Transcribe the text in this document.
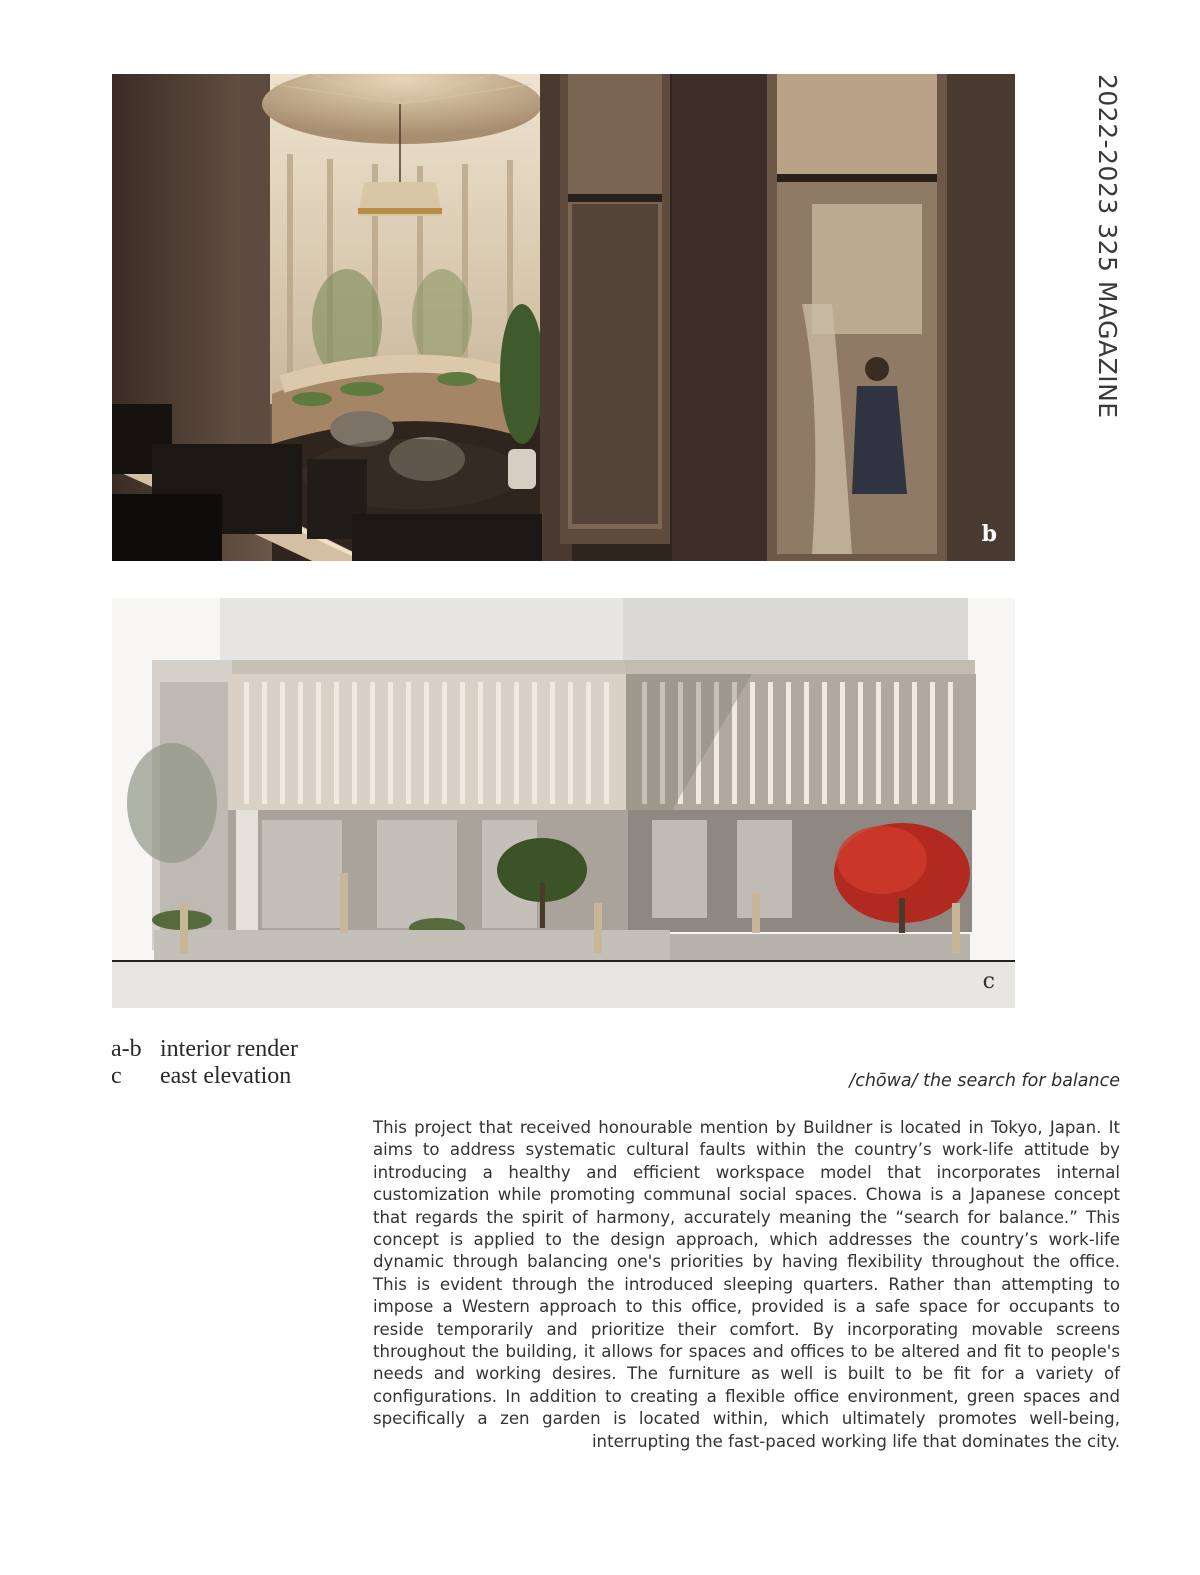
2022-2023 325 MAGAZINE
b
c
a-b interior render
c	east elevation	/chōwa/ the search for balance

This project that received honourable mention by Buildner is located in Tokyo, Japan. It aims to address systematic cultural faults within the country’s work-life attitude by introducing a healthy and efficient workspace model that incorporates internal customization while promoting communal social spaces. Chowa is a Japanese concept that regards the spirit of harmony, accurately meaning the “search for balance.” This concept is applied to the design approach, which addresses the country’s work-life dynamic through balancing one's priorities by having flexibility throughout the office. This is evident through the introduced sleeping quarters. Rather than attempting to impose a Western approach to this office, provided is a safe space for occupants to reside temporarily and prioritize their comfort. By incorporating movable screens throughout the building, it allows for spaces and offices to be altered and fit to people's needs and working desires. The furniture as well is built to be fit for a variety of configurations. In addition to creating a flexible office environment, green spaces and specifically a zen garden is located within, which ultimately promotes well-being, interrupting the fast-paced working life that dominates the city.
